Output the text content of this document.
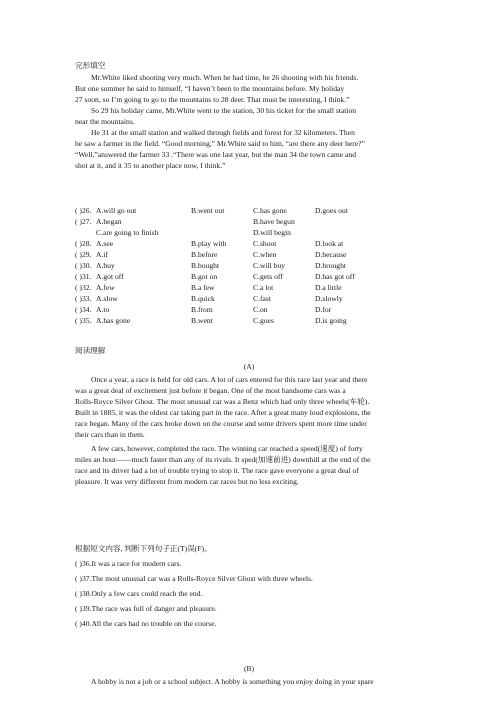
完形填空
Mr.White liked shooting very much. When he had time, he 26 shooting with his friends.
But one summer he said to himself, “I haven’t been to the mountains before. My holiday
27 soon, so I’m going to go to the mountains to 28 deer. That must be interesting, I think.”
So 29 his holiday came, Mr.White went to the station, 30 his ticket for the small station
near the mountains.
He 31 at the small station and walked through fields and forest for 32 kilometers. Then
he saw a farmer in the field. “Good morning,” Mr.White said to him, “are there any deer here?”
“Well,”answered the farmer 33 .“There was one last year, but the man 34 the town came and
shot at it, and it 35 to another place now, I think.”
( )26. A.will go out	B.went out	C.has gone	D.goes out
( )27. A.began	B.have begun
C.are going to finish	D.will begin
( )28. A.see	B.play with	C.shoot	D.look at
( )29. A.if	B.before	C.when	D.because
( )30. A.buy	B.bought	C.will buy	D.brought
( )31. A.got off	B.got on	C.gets off	D.has got off
( )32. A.few	B.a few	C.a lot	D.a little
( )33. A.slow	B.quick	C.fast	D.slowly
( )34. A.to	B.from	C.on	D.for
( )35. A.has gone	B.went	C.goes	D.is going
阅读理解
(A)
Once a year, a race is held for old cars. A lot of cars entered for this race last year and there
was a great deal of excitement just before it began. One of the most handsome cars was a
Rolls-Royce Silver Ghost. The most unusual car was a Benz which had only three wheels(车轮).
Built in 1885, it was the oldest car taking part in the race. After a great many loud explosions, the
race began. Many of the cars broke down on the course and some drivers spent more time under
their cars than in them.
A few cars, however, completed the race. The winning car reached a speed(速度) of forty
miles an hour——much faster than any of its rivals. It sped(加速前进) downhill at the end of the
race and its driver had a lot of trouble trying to stop it. The race gave everyone a great deal of
pleasure. It was very different from modern car races but no less exciting.
根据短文内容, 判断下列句子正(T)误(F)。
( )36.It was a race for modern cars.
( )37.The most unusual car was a Rolls-Royce Silver Ghost with three wheels.
( )38.Only a few cars could reach the end.
( )39.The race was full of danger and pleasure.
( )40.All the cars had no trouble on the course.
(B)
A hobby is not a job or a school subject. A hobby is something you enjoy doing in your spare
